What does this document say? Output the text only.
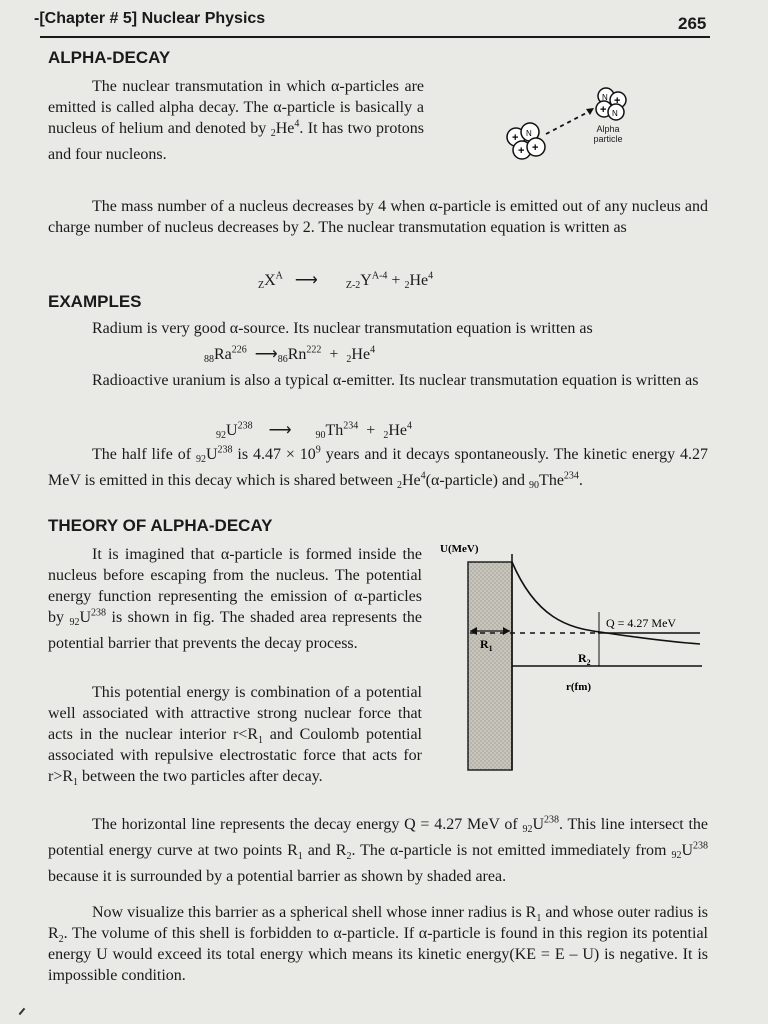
-[Chapter # 5] Nuclear Physics	265
ALPHA-DECAY
The nuclear transmutation in which α-particles are emitted is called alpha decay. The α-particle is basically a nucleus of helium and denoted by 2He$^4$. It has two protons and four nucleons.
+ N
+ +
N +
+ N
Alpha particle
The mass number of a nucleus decreases by 4 when α-particle is emitted out of any nucleus and charge number of nucleus decreases by 2. The nuclear transmutation equation is written as
$ZX^A$   ⟶       $Z-2Y^{A-4} + 2He^4$
EXAMPLES
Radium is very good α-source. Its nuclear transmutation equation is written as
88Ra$^{226}$  ⟶86Rn$^{222}$  +  2He$^4$
Radioactive uranium is also a typical α-emitter. Its nuclear transmutation equation is written as
$92U^{238}$    ⟶      90Th$^{234}$  +  2He$^4$
The half life of $92U^{238}$ is $4.47 \times 10^9$ years and it decays spontaneously. The kinetic energy 4.27 MeV is emitted in this decay which is shared between 2He$^4$(α-particle) and 90The$^{234}$.
THEORY OF ALPHA-DECAY
It is imagined that α-particle is formed inside the nucleus before escaping from the nucleus. The potential energy function representing the emission of α-particles by $92U^{238}$ is shown in fig. The shaded area represents the potential barrier that prevents the decay process.
This potential energy is combination of a potential well associated with attractive strong nuclear force that acts in the nuclear interior $r<R_1$ and Coulomb potential associated with repulsive electrostatic force that acts for $r>R_1$ between the two particles after decay.
U(MeV)
r(fm)
Q = 4.27 MeV
$R_1$
$R_2$
The horizontal line represents the decay energy Q = 4.27 MeV of $92U^{238}$. This line intersect the potential energy curve at two points $R_1$ and $R_2$. The α-particle is not emitted immediately from $92U^{238}$ because it is surrounded by a potential barrier as shown by shaded area.
Now visualize this barrier as a spherical shell whose inner radius is $R_1$ and whose outer radius is $R_2$. The volume of this shell is forbidden to α-particle. If α-particle is found in this region its potential energy U would exceed its total energy which means its kinetic energy(KE = E – U) is negative. It is impossible condition.
